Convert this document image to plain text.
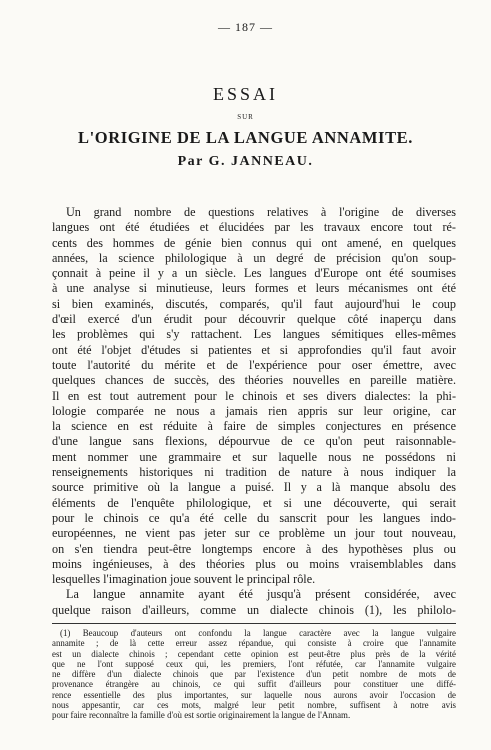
— 187 —
ESSAI
SUR
L'ORIGINE DE LA LANGUE ANNAMITE.
Par G. JANNEAU.
Un grand nombre de questions relatives à l'origine de diverses
langues ont été étudiées et élucidées par les travaux encore tout ré-
cents des hommes de génie bien connus qui ont amené, en quelques
années, la science philologique à un degré de précision qu'on soup-
çonnait à peine il y a un siècle. Les langues d'Europe ont été soumises
à une analyse si minutieuse, leurs formes et leurs mécanismes ont été
si bien examinés, discutés, comparés, qu'il faut aujourd'hui le coup
d'œil exercé d'un érudit pour découvrir quelque côté inaperçu dans
les problèmes qui s'y rattachent. Les langues sémitiques elles-mêmes
ont été l'objet d'études si patientes et si approfondies qu'il faut avoir
toute l'autorité du mérite et de l'expérience pour oser émettre, avec
quelques chances de succès, des théories nouvelles en pareille matière.
Il en est tout autrement pour le chinois et ses divers dialectes: la phi-
lologie comparée ne nous a jamais rien appris sur leur origine, car
la science en est réduite à faire de simples conjectures en présence
d'une langue sans flexions, dépourvue de ce qu'on peut raisonnable-
ment nommer une grammaire et sur laquelle nous ne possédons ni
renseignements historiques ni tradition de nature à nous indiquer la
source primitive où la langue a puisé. Il y a là manque absolu des
éléments de l'enquête philologique, et si une découverte, qui serait
pour le chinois ce qu'a été celle du sanscrit pour les langues indo-
européennes, ne vient pas jeter sur ce problème un jour tout nouveau,
on s'en tiendra peut-être longtemps encore à des hypothèses plus ou
moins ingénieuses, à des théories plus ou moins vraisemblables dans
lesquelles l'imagination joue souvent le principal rôle.
La langue annamite ayant été jusqu'à présent considérée, avec
quelque raison d'ailleurs, comme un dialecte chinois (1), les philolo-
(1) Beaucoup d'auteurs ont confondu la langue caractère avec la langue vulgaire
annamite ; de là cette erreur assez répandue, qui consiste à croire que l'annamite
est un dialecte chinois ; cependant cette opinion est peut-être plus près de la vérité
que ne l'ont supposé ceux qui, les premiers, l'ont réfutée, car l'annamite vulgaire
ne diffère d'un dialecte chinois que par l'existence d'un petit nombre de mots de
provenance étrangère au chinois, ce qui suffit d'ailleurs pour constituer une diffé-
rence essentielle des plus importantes, sur laquelle nous aurons avoir l'occasion de
nous appesantir, car ces mots, malgré leur petit nombre, suffisent à notre avis
pour faire reconnaître la famille d'où est sortie originairement la langue de l'Annam.
